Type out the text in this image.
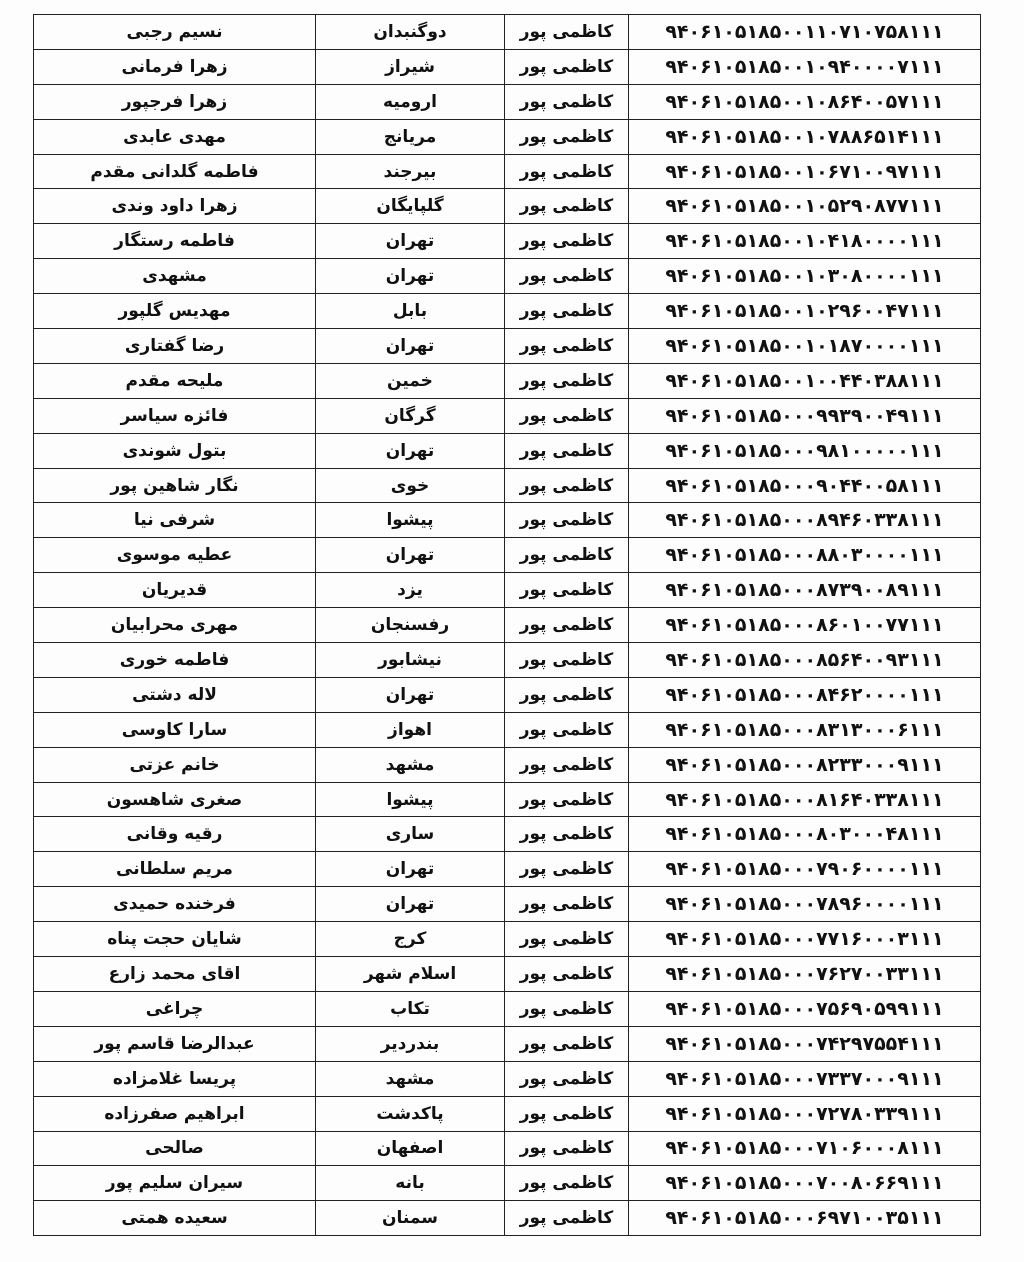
۹۴۰۶۱۰۵۱۸۵۰۰۱۱۰۷۱۰۷۵۸۱۱۱	کاظمی پور	دوگنبدان	نسیم رجبی
۹۴۰۶۱۰۵۱۸۵۰۰۱۰۹۴۰۰۰۰۷۱۱۱	کاظمی پور	شیراز	زهرا فرمانی
۹۴۰۶۱۰۵۱۸۵۰۰۱۰۸۶۴۰۰۵۷۱۱۱	کاظمی پور	ارومیه	زهرا فرجپور
۹۴۰۶۱۰۵۱۸۵۰۰۱۰۷۸۸۶۵۱۴۱۱۱	کاظمی پور	مریانج	مهدی عابدی
۹۴۰۶۱۰۵۱۸۵۰۰۱۰۶۷۱۰۰۹۷۱۱۱	کاظمی پور	بیرجند	فاطمه گلدانی مقدم
۹۴۰۶۱۰۵۱۸۵۰۰۱۰۵۲۹۰۸۷۷۱۱۱	کاظمی پور	گلپایگان	زهرا داود وندی
۹۴۰۶۱۰۵۱۸۵۰۰۱۰۴۱۸۰۰۰۰۱۱۱	کاظمی پور	تهران	فاطمه رستگار
۹۴۰۶۱۰۵۱۸۵۰۰۱۰۳۰۸۰۰۰۰۱۱۱	کاظمی پور	تهران	مشهدی
۹۴۰۶۱۰۵۱۸۵۰۰۱۰۲۹۶۰۰۴۷۱۱۱	کاظمی پور	بابل	مهدیس گلپور
۹۴۰۶۱۰۵۱۸۵۰۰۱۰۱۸۷۰۰۰۰۱۱۱	کاظمی پور	تهران	رضا گفتاری
۹۴۰۶۱۰۵۱۸۵۰۰۱۰۰۴۴۰۳۸۸۱۱۱	کاظمی پور	خمین	ملیحه مقدم
۹۴۰۶۱۰۵۱۸۵۰۰۰۹۹۳۹۰۰۴۹۱۱۱	کاظمی پور	گرگان	فائزه سیاسر
۹۴۰۶۱۰۵۱۸۵۰۰۰۹۸۱۰۰۰۰۰۱۱۱	کاظمی پور	تهران	بتول شوندی
۹۴۰۶۱۰۵۱۸۵۰۰۰۹۰۴۴۰۰۵۸۱۱۱	کاظمی پور	خوی	نگار شاهین پور
۹۴۰۶۱۰۵۱۸۵۰۰۰۸۹۴۶۰۳۳۸۱۱۱	کاظمی پور	پیشوا	شرفی نیا
۹۴۰۶۱۰۵۱۸۵۰۰۰۸۸۰۳۰۰۰۰۱۱۱	کاظمی پور	تهران	عطیه موسوی
۹۴۰۶۱۰۵۱۸۵۰۰۰۸۷۳۹۰۰۸۹۱۱۱	کاظمی پور	یزد	قدیریان
۹۴۰۶۱۰۵۱۸۵۰۰۰۸۶۰۱۰۰۷۷۱۱۱	کاظمی پور	رفسنجان	مهری محرابیان
۹۴۰۶۱۰۵۱۸۵۰۰۰۸۵۶۴۰۰۹۳۱۱۱	کاظمی پور	نیشابور	فاطمه خوری
۹۴۰۶۱۰۵۱۸۵۰۰۰۸۴۶۲۰۰۰۰۱۱۱	کاظمی پور	تهران	لاله دشتی
۹۴۰۶۱۰۵۱۸۵۰۰۰۸۳۱۳۰۰۰۶۱۱۱	کاظمی پور	اهواز	سارا کاوسی
۹۴۰۶۱۰۵۱۸۵۰۰۰۸۲۳۳۰۰۰۹۱۱۱	کاظمی پور	مشهد	خانم عزتی
۹۴۰۶۱۰۵۱۸۵۰۰۰۸۱۶۴۰۳۳۸۱۱۱	کاظمی پور	پیشوا	صغری شاهسون
۹۴۰۶۱۰۵۱۸۵۰۰۰۸۰۳۰۰۰۴۸۱۱۱	کاظمی پور	ساری	رقیه وقانی
۹۴۰۶۱۰۵۱۸۵۰۰۰۷۹۰۶۰۰۰۰۱۱۱	کاظمی پور	تهران	مریم سلطانی
۹۴۰۶۱۰۵۱۸۵۰۰۰۷۸۹۶۰۰۰۰۱۱۱	کاظمی پور	تهران	فرخنده حمیدی
۹۴۰۶۱۰۵۱۸۵۰۰۰۷۷۱۶۰۰۰۳۱۱۱	کاظمی پور	کرج	شایان حجت پناه
۹۴۰۶۱۰۵۱۸۵۰۰۰۷۶۲۷۰۰۳۳۱۱۱	کاظمی پور	اسلام شهر	اقای محمد زارع
۹۴۰۶۱۰۵۱۸۵۰۰۰۷۵۶۹۰۵۹۹۱۱۱	کاظمی پور	تکاب	چراغی
۹۴۰۶۱۰۵۱۸۵۰۰۰۷۴۲۹۷۵۵۴۱۱۱	کاظمی پور	بندردیر	عبدالرضا قاسم پور
۹۴۰۶۱۰۵۱۸۵۰۰۰۷۳۳۷۰۰۰۹۱۱۱	کاظمی پور	مشهد	پریسا غلامزاده
۹۴۰۶۱۰۵۱۸۵۰۰۰۷۲۷۸۰۳۳۹۱۱۱	کاظمی پور	پاکدشت	ابراهیم صفرزاده
۹۴۰۶۱۰۵۱۸۵۰۰۰۷۱۰۶۰۰۰۸۱۱۱	کاظمی پور	اصفهان	صالحی
۹۴۰۶۱۰۵۱۸۵۰۰۰۷۰۰۸۰۶۶۹۱۱۱	کاظمی پور	بانه	سیران سلیم پور
۹۴۰۶۱۰۵۱۸۵۰۰۰۶۹۷۱۰۰۳۵۱۱۱	کاظمی پور	سمنان	سعیده همتی
